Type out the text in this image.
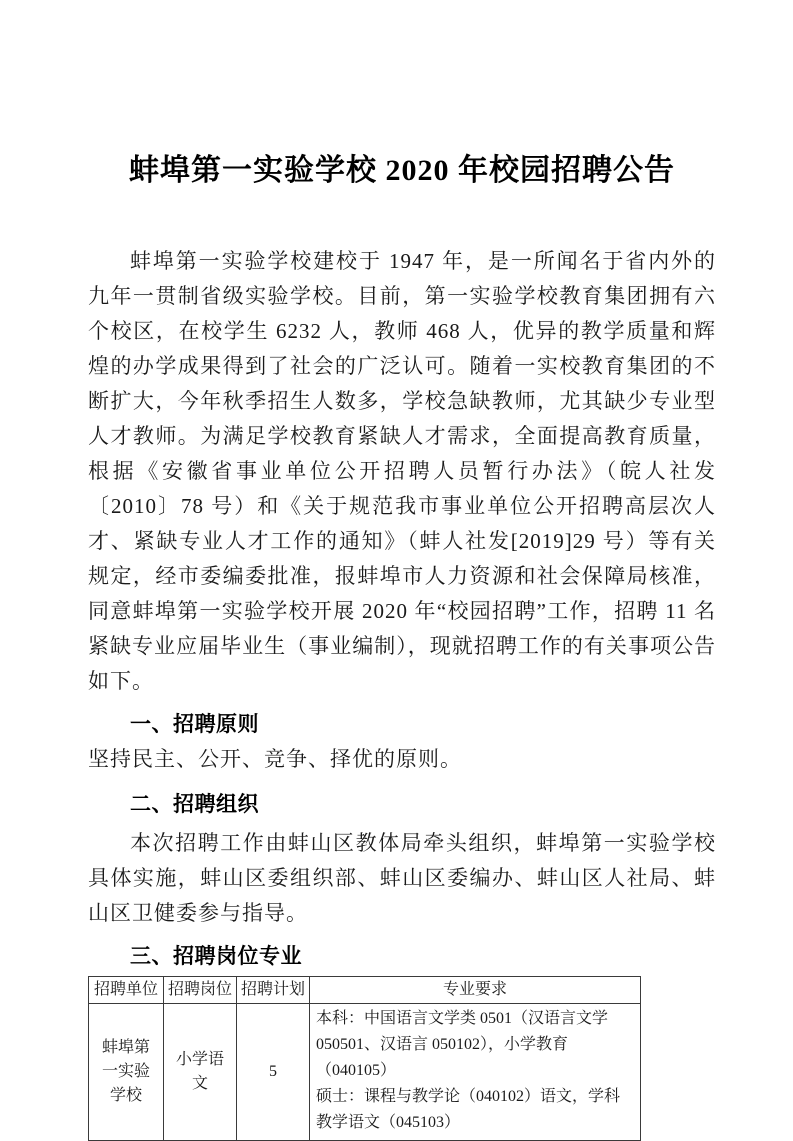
蚌埠第一实验学校 2020 年校园招聘公告

蚌埠第一实验学校建校于 1947 年，是一所闻名于省内外的九年一贯制省级实验学校。目前，第一实验学校教育集团拥有六个校区，在校学生 6232 人，教师 468 人，优异的教学质量和辉煌的办学成果得到了社会的广泛认可。随着一实校教育集团的不断扩大，今年秋季招生人数多，学校急缺教师，尤其缺少专业型人才教师。为满足学校教育紧缺人才需求，全面提高教育质量，根据《安徽省事业单位公开招聘人员暂行办法》（皖人社发〔2010〕78 号）和《关于规范我市事业单位公开招聘高层次人才、紧缺专业人才工作的通知》（蚌人社发[2019]29 号）等有关规定，经市委编委批准，报蚌埠市人力资源和社会保障局核准，同意蚌埠第一实验学校开展 2020 年“校园招聘”工作，招聘 11 名紧缺专业应届毕业生（事业编制），现就招聘工作的有关事项公告如下。

一、招聘原则

坚持民主、公开、竞争、择优的原则。

二、招聘组织

本次招聘工作由蚌山区教体局牵头组织，蚌埠第一实验学校具体实施，蚌山区委组织部、蚌山区委编办、蚌山区人社局、蚌山区卫健委参与指导。

三、招聘岗位专业
招聘单位	招聘岗位	招聘计划	专业要求
蚌埠第一实验学校	小学语文	5	本科：中国语言文学类 0501（汉语言文学 050501、汉语言 050102），小学教育（040105）

硕士：课程与教学论（040102）语文，学科教学语文（045103）
